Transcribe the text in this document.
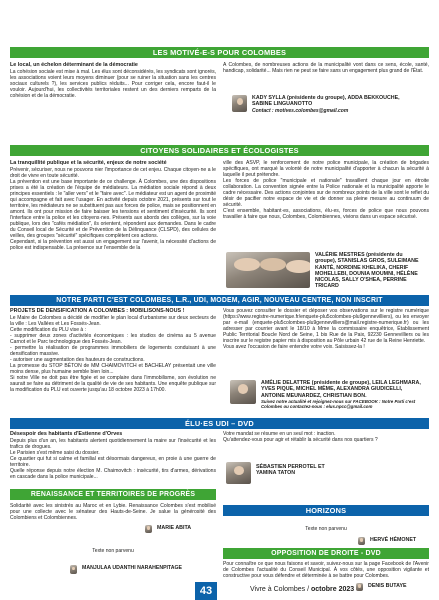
LES MOTIVÉ-E-S POUR COLOMBES
Le local, un échelon déterminant de la démocratie
La cohésion sociale est mise à mal. Les élus sont déconsidérés, les syndicats sont ignorés, les associations voient leurs moyens diminuer (pour se ruiner la situation sans les centres sociaux culturels ?), les services publics réduits... Pour corriger cela, encore faut-il le vouloir. Aujourd'hui, les collectivités territoriales restent un des derniers remparts de la cohésion et de la démocratie.
À Colombes, de nombreuses actions de la municipalité vont dans ce sens, école, santé, handicap, solidarité... Mais rien ne peut se faire sans un engagement plus grand de l'État.
KADY SYLLA (présidente du groupe), ADDA BEKKOUCHE, SABINE LINGUANOTTO
Contact : motives.colombes@gmail.com
CITOYENS SOLIDAIRES ET ÉCOLOGISTES
La tranquillité publique et la sécurité, enjeux de notre société
Prévenir, sécuriser, nous ne pouvons nier l'importance de cet enjeu. Chaque citoyen·ne a le droit de vivre en toute sécurité.
La prévention est une base importante de ce challenge. À Colombes, une des dispositions prises a été la création de l'équipe de médiateurs. La médiation sociale répond à deux principes essentiels : le "aller vers" et le "faire avec". Le médiateur est un agent de proximité qui accompagne et fait avec l'usager. En activité depuis octobre 2021, présents sur tout le territoire, les médiateurs ne se substituent pas aux forces de police, mais se positionnent en amont. Ils ont pour mission de faire baisser les tensions et sentiment d'insécurité. Ils sont l'interface entre la police et les citoyens·nes. Présents aux abords des collèges, sur la voie publique, lors des "cafés médiation", ils orientent, répondent aux demandes. Dans le cadre du Conseil local de Sécurité et de Prévention de la Délinquance (CLSPD), des cellules de veilles, des groupes "sécurité" spécifiques complètent ces actions.
Cependant, si la prévention est aussi un engagement sur l'avenir, la nécessité d'actions de police est indispensable. La présence sur l'ensemble de la
ville des ASVP, le renforcement de notre police municipale, la création de brigades spécifiques, ont marqué la volonté de notre municipalité d'apporter à chacun la sécurité à laquelle il peut prétendre.
Les forces de police "municipale et nationale" travaillent chaque jour en étroite collaboration. La convention signée entre la Police nationale et la municipalité apporte le cadre nécessaire. Des actions conjointes sur de nombreux points de la ville sont le reflet du désir de pacifier notre espace de vie et de donner sa pleine mesure au continuum de sécurité.
C'est ensemble, habitant·es, associations, élu·es, forces de police que nous pouvons travailler à faire que nous, Colombes, Colombiennes, vivions dans un espace sécurisé.
VALÉRIE MESTRES (présidente du groupe), STANISLAS GROS, SULEIMANE KANTÉ, NORDINE KHELIKA, CHERIF MOHELLEBI, DOUNIA MOUMNI, HÉLÈNE NICOLAS, SALLY O'SHEA, PERRINE TRICARD
NOTRE PARTI C'EST COLOMBES, L.R., UDI, MODEM, AGIR, NOUVEAU CENTRE, NON INSCRIT
PROJETS DE DENSIFICATION A COLOMBES : MOBILISONS-NOUS !
Le Maire de Colombes a décidé de modifier le plan local d'urbanisme sur deux secteurs de la ville : Les Vallées et Les Fossés-Jean.
Cette modification du PLU vise à :
- supprimer deux zones d'activités économiques : les studios de cinéma au 5 avenue Carnot et le Parc technologique des Fossés-Jean.
- permettre la réalisation de programmes immobiliers de logements conduisant à une densification massive.
- autoriser une augmentation des hauteurs de constructions.
La promesse du STOP BÉTON de MM CHAIMOVITCH et BACHELAY présentait une ville moins dense, plus humaine semble bien loin...
Si notre Ville ne doit pas être figée et se complaire dans l'immobilisme, son évolution ne saurait se faire au détriment de la qualité de vie de ses habitants. Une enquête publique sur la modification du PLU est ouverte jusqu'au 18 octobre 2023 à 17h00.
Vous pouvez consulter le dossier et déposer vos observations sur le registre numérique (https://www.registre-numerique.fr/enquete-plu5colombes-plu9gennevilliers), ou les envoyer par e-mail (enquete-plu5colombes-plu9gennevilliers@mail.registre-numerique.fr) ou les adresser par courrier avant le 18/10 à Mme la commissaire enquêtrice, Établissement Public Territorial Boucle Nord de Seine, 1 bis Rue de la Paix, 92230 Gennevilliers ou les inscrire sur le registre papier mis à disposition au Pôle urbain 42 rue de la Reine Henriette.
Vous avez l'occasion de faire entendre votre voix. Saisissez-la !
AMÉLIE DELATTRE (présidente de groupe), LEILA LEGHMARA, YVES PIQUE, MICHEL MÈME, ALEXANDRA GIUDICELLI, ANTOINE MEUNARDEZ, CHRISTIAN BON.
Suivez notre actualité et rejoignez-nous sur FACEBOOK : Notre Parti c'est Colombes ou contactez-nous : elus.npcc@gmail.com
ÉLU·ES UDI – DVD
Désespoir des habitants d'Estienne d'Orves
Depuis plus d'un an, les habitants alertent quotidiennement la maire sur l'insécurité et les trafics de drogues.
Le Parisien s'est même saisi du dossier.
Ce quartier qui fut si calme et familial est désormais dangereux, en proie à une guerre de territoire.
Quelle réponse depuis notre élection M. Chaimovitch : insécurité, tirs d'armes, dérivations en cascade dans la police municipale...
Votre mandat se résume en un seul mot : inaction.
Qu'attendez-vous pour agir et rétablir la sécurité dans nos quartiers ?
SÉBASTIEN PERROTEL ET YAMINA TATON
RENAISSANCE ET TERRITOIRES DE PROGRÈS
Solidarité avec les sinistrés au Maroc et en Lybie. Renaissance Colombes s'est mobilisé pour une collecte avec le sénateur des Hauts-de-Seine. Je salue la générosité des Colombiens et Colombiennes.
MARIE ABITA
Texte non parvenu
MANJULAA UDANTHI NARAHENPITAGE
HORIZONS
Texte non parvenu
HERVÉ HÉMONET
OPPOSITION DE DROITE - DVD
Pour connaître ce que nous faisons et savoir, suivez-nous sur la page Facebook de l'Avenir de Colombes l'actualité du Conseil Municipal. À vos côtés, une opposition vigilante et constructive pour vous défendre et déterminée à se battre pour Colombes.
DENIS BUTAYE
43	Vivre à Colombes / octobre 2023
